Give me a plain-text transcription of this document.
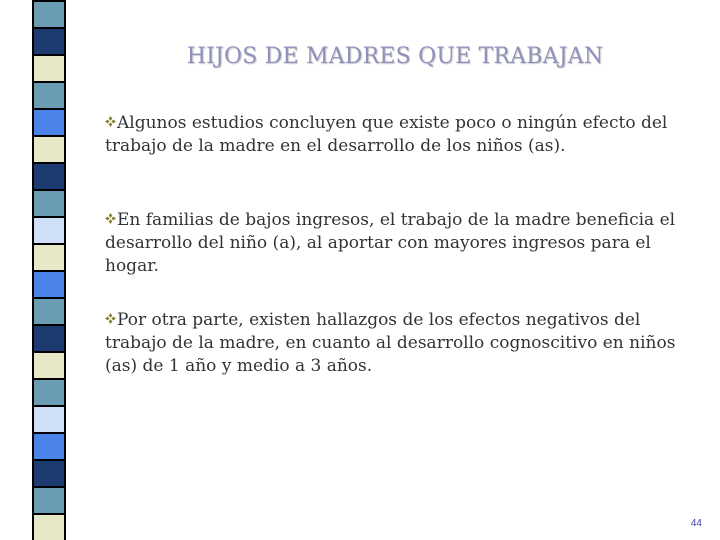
HIJOS DE MADRES QUE TRABAJAN

Algunos estudios concluyen que existe poco o ningún efecto del trabajo de la madre en el desarrollo de los niños (as).

En familias de bajos ingresos, el trabajo de la madre beneficia el desarrollo del niño (a), al aportar con mayores ingresos para el hogar.

Por otra parte, existen hallazgos de los efectos negativos del trabajo de la madre, en cuanto al desarrollo cognoscitivo en niños (as) de 1 año y medio a 3 años.

44
